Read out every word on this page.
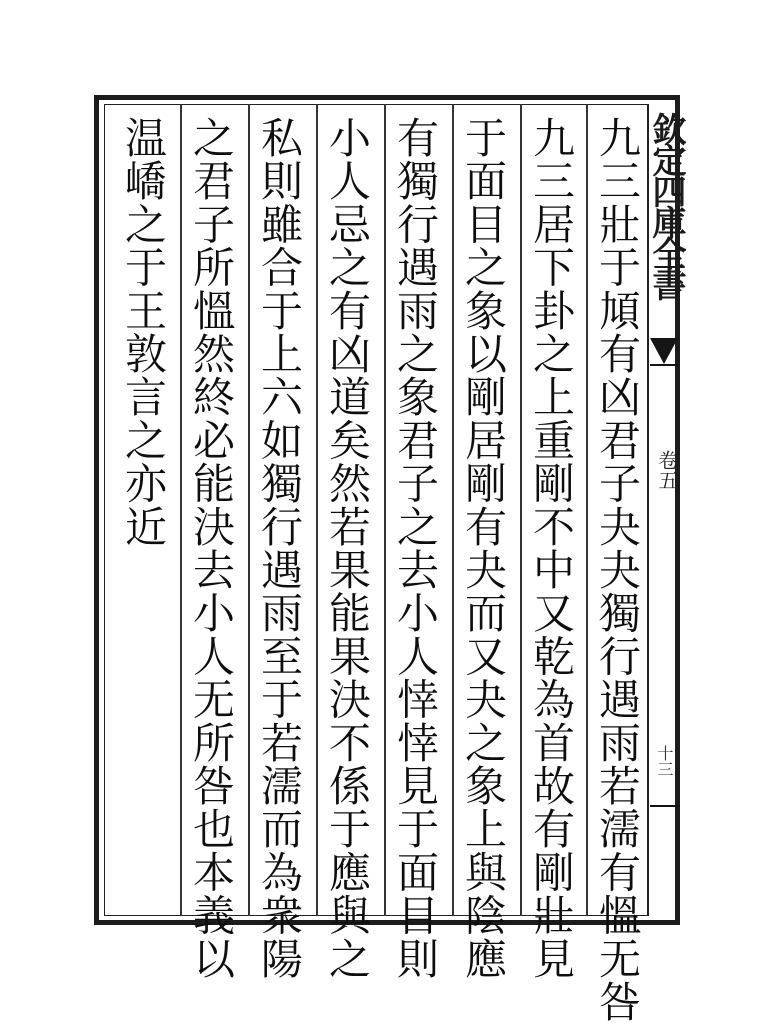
欽定四庫全書
卷五
十三
九三壯于頄有凶君子夬夬獨行遇雨若濡有慍无咎
九三居下卦之上重剛不中又乾為首故有剛壯見
于面目之象以剛居剛有夬而又夬之象上與陰應
有獨行遇雨之象君子之去小人悻悻見于面目則
小人忌之有凶道矣然若果能果決不係于應與之
私則雖合于上六如獨行遇雨至于若濡而為衆陽
之君子所慍然終必能決去小人无所咎也本義以
温嶠之于王敦言之亦近
